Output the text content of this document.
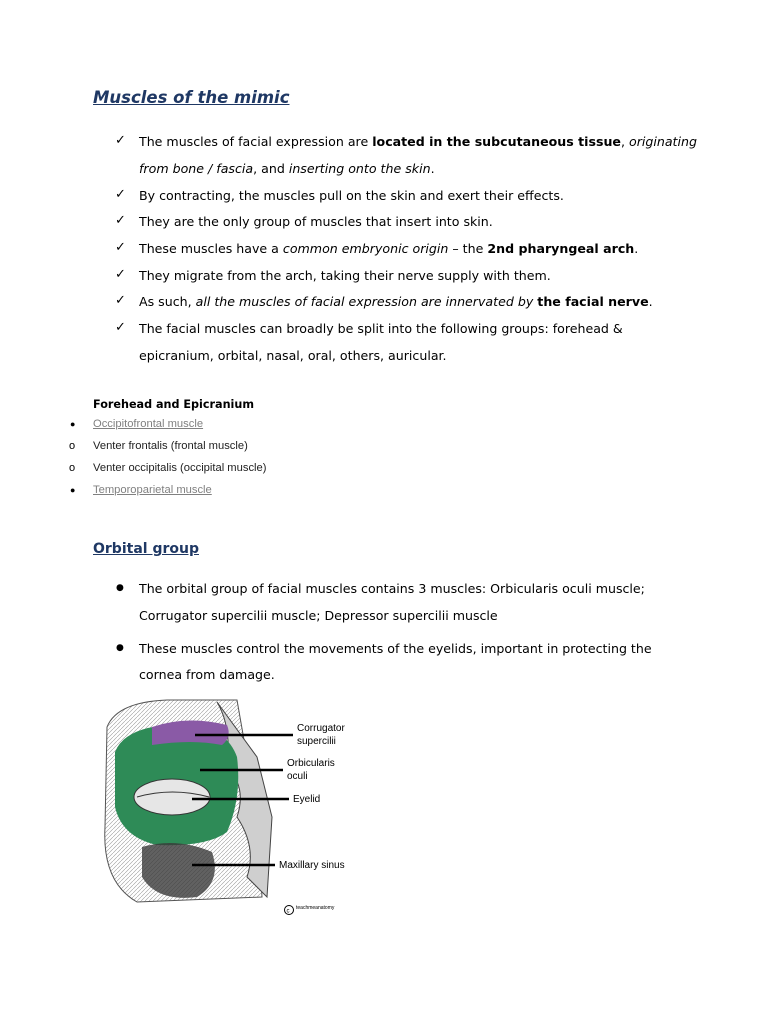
Muscles of the mimic
The muscles of facial expression are located in the subcutaneous tissue, originating
✓
from bone / fascia, and inserting onto the skin.
By contracting, the muscles pull on the skin and exert their effects.
✓
They are the only group of muscles that insert into skin.
✓
These muscles have a common embryonic origin – the 2nd pharyngeal arch.
✓
They migrate from the arch, taking their nerve supply with them.
✓
As such, all the muscles of facial expression are innervated by the facial nerve.
✓
The facial muscles can broadly be split into the following groups: forehead &
✓
epicranium, orbital, nasal, oral, others, auricular.
Forehead and Epicranium
● Occipitofrontal muscle
o Venter frontalis (frontal muscle)
o Venter occipitalis (occipital muscle)
● Temporoparietal muscle
Orbital group
● The orbital group of facial muscles contains 3 muscles: Orbicularis oculi muscle;
Corrugator supercilii muscle; Depressor supercilii muscle
● These muscles control the movements of the eyelids, important in protecting the
cornea from damage.
c
Corrugator
supercilii
Orbicularis
oculi
Eyelid
Maxillary sinus
teachmeanatomy
